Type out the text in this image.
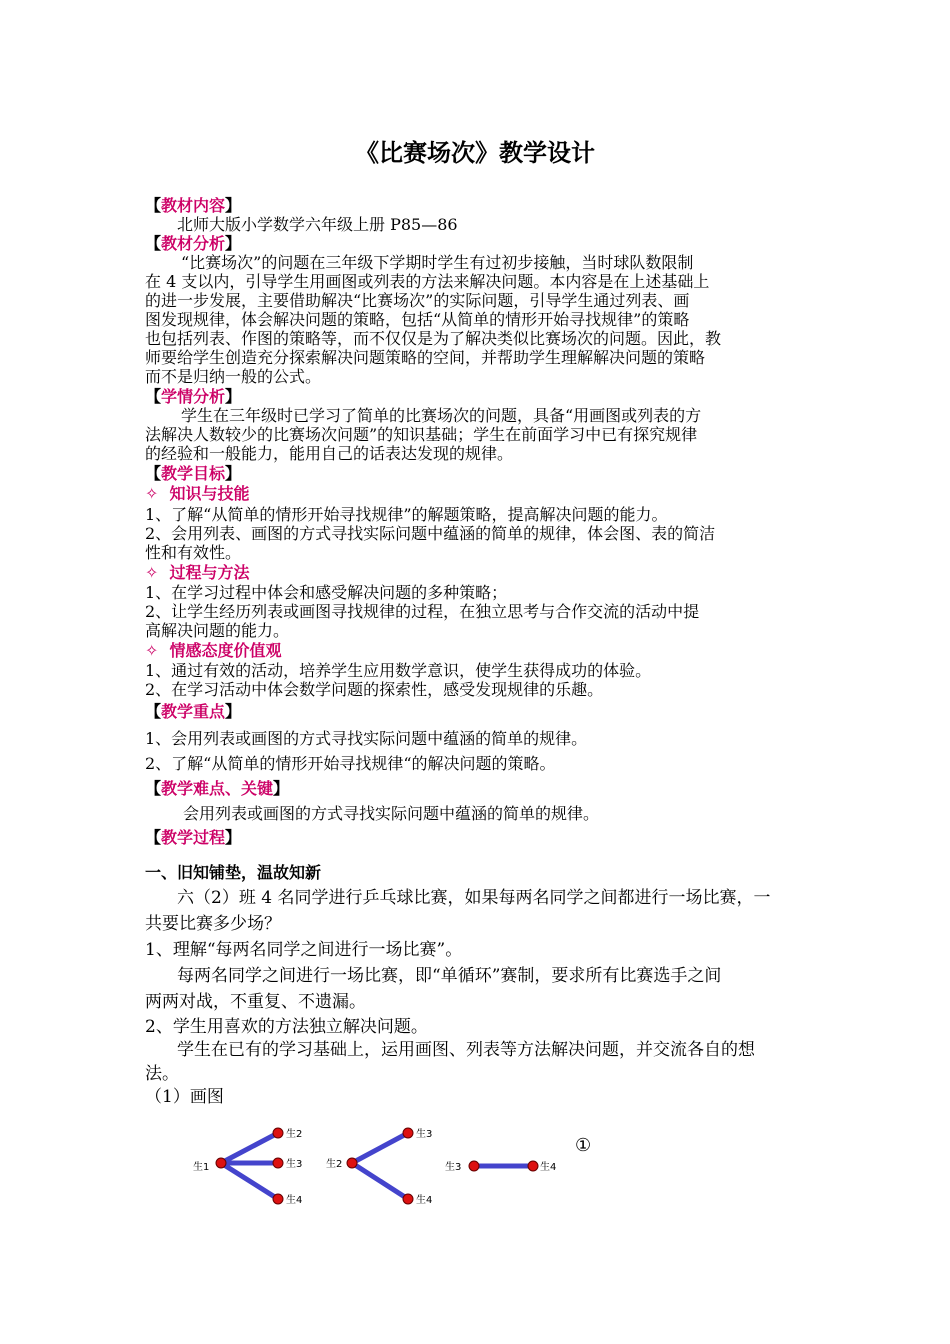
《比赛场次》教学设计
【教材内容】
北师大版小学数学六年级上册 P85—86
【教材分析】
“比赛场次”的问题在三年级下学期时学生有过初步接触，当时球队数限制
在 4 支以内，引导学生用画图或列表的方法来解决问题。本内容是在上述基础上
的进一步发展，主要借助解决“比赛场次”的实际问题，引导学生通过列表、画
图发现规律，体会解决问题的策略，包括“从简单的情形开始寻找规律”的策略
也包括列表、作图的策略等，而不仅仅是为了解决类似比赛场次的问题。因此，教
师要给学生创造充分探索解决问题策略的空间，并帮助学生理解解决问题的策略
而不是归纳一般的公式。
【学情分析】
学生在三年级时已学习了简单的比赛场次的问题，具备“用画图或列表的方
法解决人数较少的比赛场次问题”的知识基础；学生在前面学习中已有探究规律
的经验和一般能力，能用自己的话表达发现的规律。
【教学目标】
✧ 知识与技能
1、了解“从简单的情形开始寻找规律”的解题策略，提高解决问题的能力。
2、会用列表、画图的方式寻找实际问题中蕴涵的简单的规律，体会图、表的简洁
性和有效性。
✧ 过程与方法
1、在学习过程中体会和感受解决问题的多种策略；
2、让学生经历列表或画图寻找规律的过程，在独立思考与合作交流的活动中提
高解决问题的能力。
✧ 情感态度价值观
1、通过有效的活动，培养学生应用数学意识，使学生获得成功的体验。
2、在学习活动中体会数学问题的探索性，感受发现规律的乐趣。
【教学重点】
1、会用列表或画图的方式寻找实际问题中蕴涵的简单的规律。
2、了解“从简单的情形开始寻找规律“的解决问题的策略。
【教学难点、关键】
会用列表或画图的方式寻找实际问题中蕴涵的简单的规律。
【教学过程】
一、旧知铺垫，温故知新
六（2）班 4 名同学进行乒乓球比赛，如果每两名同学之间都进行一场比赛，一
共要比赛多少场？
1、理解“每两名同学之间进行一场比赛”。
每两名同学之间进行一场比赛，即“单循环”赛制，要求所有比赛选手之间
两两对战，不重复、不遗漏。
2、学生用喜欢的方法独立解决问题。
学生在已有的学习基础上，运用画图、列表等方法解决问题，并交流各自的想
法。
（1）画图
生1
生2
生3
生4
生2
生3
生4
生3	生4
①
